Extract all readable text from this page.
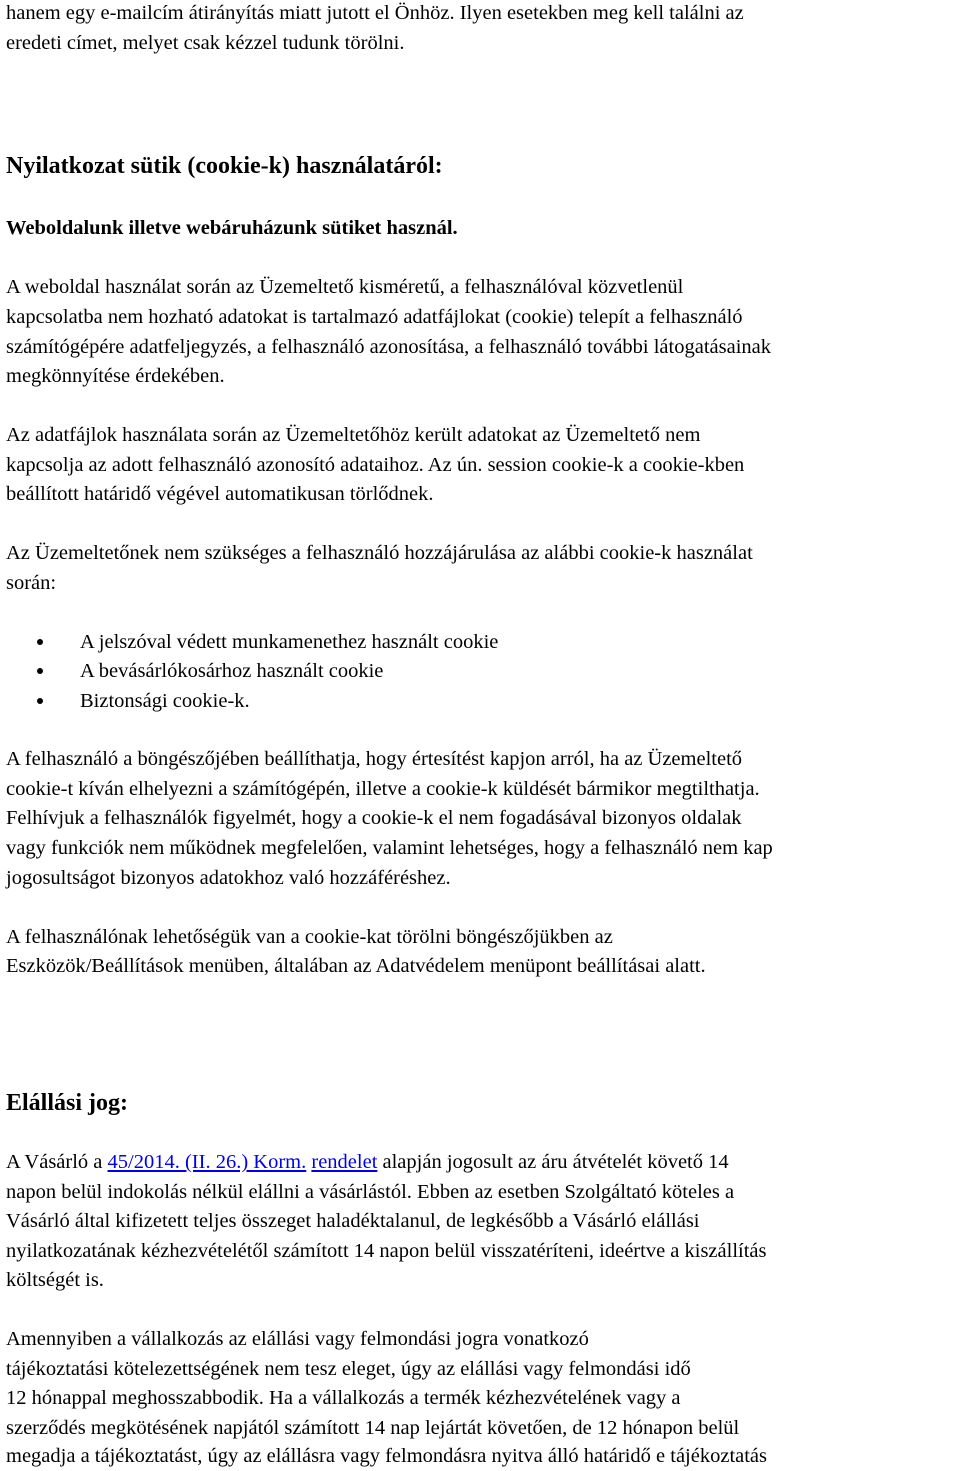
hanem egy e-mailcím átirányítás miatt jutott el Önhöz. Ilyen esetekben meg kell találni az
eredeti címet, melyet csak kézzel tudunk törölni.
Nyilatkozat sütik (cookie-k) használatáról:
Weboldalunk illetve webáruházunk sütiket használ.
A weboldal használat során az Üzemeltető kisméretű, a felhasználóval közvetlenül
kapcsolatba nem hozható adatokat is tartalmazó adatfájlokat (cookie) telepít a felhasználó
számítógépére adatfeljegyzés, a felhasználó azonosítása, a felhasználó további látogatásainak
megkönnyítése érdekében.
Az adatfájlok használata során az Üzemeltetőhöz került adatokat az Üzemeltető nem
kapcsolja az adott felhasználó azonosító adataihoz. Az ún. session cookie-k a cookie-kben
beállított határidő végével automatikusan törlődnek.
Az Üzemeltetőnek nem szükséges a felhasználó hozzájárulása az alábbi cookie-k használat
során:
A jelszóval védett munkamenethez használt cookie
A bevásárlókosárhoz használt cookie
Biztonsági cookie-k.
A felhasználó a böngészőjében beállíthatja, hogy értesítést kapjon arról, ha az Üzemeltető
cookie-t kíván elhelyezni a számítógépén, illetve a cookie-k küldését bármikor megtilthatja.
Felhívjuk a felhasználók figyelmét, hogy a cookie-k el nem fogadásával bizonyos oldalak
vagy funkciók nem működnek megfelelően, valamint lehetséges, hogy a felhasználó nem kap
jogosultságot bizonyos adatokhoz való hozzáféréshez.
A felhasználónak lehetőségük van a cookie-kat törölni böngészőjükben az
Eszközök/Beállítások menüben, általában az Adatvédelem menüpont beállításai alatt.
Elállási jog:
A Vásárló a 45/2014. (II. 26.) Korm. rendelet alapján jogosult az áru átvételét követő 14
napon belül indokolás nélkül elállni a vásárlástól. Ebben az esetben Szolgáltató köteles a
Vásárló által kifizetett teljes összeget haladéktalanul, de legkésőbb a Vásárló elállási
nyilatkozatának kézhezvételétől számított 14 napon belül visszatéríteni, ideértve a kiszállítás
költségét is.
Amennyiben a vállalkozás az elállási vagy felmondási jogra vonatkozó
tájékoztatási kötelezettségének nem tesz eleget, úgy az elállási vagy felmondási idő
12 hónappal meghosszabbodik. Ha a vállalkozás a termék kézhezvételének vagy a
szerződés megkötésének napjától számított 14 nap lejártát követően, de 12 hónapon belül
megadja a tájékoztatást, úgy az elállásra vagy felmondásra nyitva álló határidő e tájékoztatás
